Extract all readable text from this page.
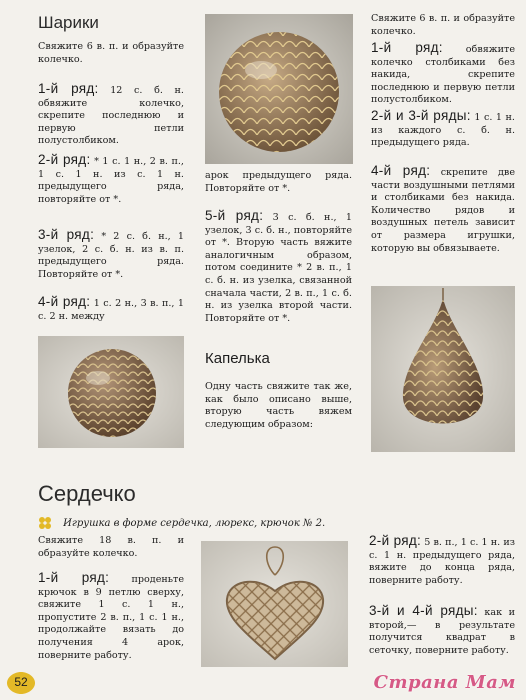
Шарики

Свяжите 6 в. п. и образуйте колечко.

1-й ряд: 12 с. б. н. обвяжите колечко, скрепите последнюю и первую петли полустолбиком.

2-й ряд: * 1 с. 1 н., 2 в. п., 1 с. 1 н. из с. 1 н. предыдущего ряда, повторяйте от *.

3-й ряд: * 2 с. б. н., 1 узелок, 2 с. б. н. из в. п. предыдущего ряда. Повторяйте от *.

4-й ряд: 1 с. 2 н., 3 в. п., 1 с. 2 н. между

арок предыдущего ряда. Повторяйте от *.

5-й ряд: 3 с. б. н., 1 узелок, 3 с. б. н., повторяйте от *. Вторую часть вяжите аналогичным образом, потом соедините * 2 в. п., 1 с. б. н. из узелка, связанной сначала части, 2 в. п., 1 с. б. н. из узелка второй части. Повторяйте от *.

Капелька

Одну часть свяжите так же, как было описано выше, вторую часть вяжем следующим образом:

Свяжите 6 в. п. и образуйте колечко.

1-й ряд: обвяжите колечко столбиками без накида, скрепите последнюю и первую петли полустолбиком.

2-й и 3-й ряды: 1 с. 1 н. из каждого с. б. н. предыдущего ряда.

4-й ряд: скрепите две части воздушными петлями и столбиками без накида. Количество рядов и воздушных петель зависит от размера игрушки, которую вы обвязываете.

Сердечко
Игрушка в форме сердечка, люрекс, крючок № 2.

Свяжите 18 в. п. и образуйте колечко.

1-й ряд: проденьте крючок в 9 петлю сверху, свяжите 1 с. 1 н., пропустите 2 в. п., 1 с. 1 н., продолжайте вязать до получения 4 арок, поверните работу.

2-й ряд: 5 в. п., 1 с. 1 н. из с. 1 н. предыдущего ряда, вяжите до конца ряда, поверните работу.

3-й и 4-й ряды: как и второй,— в результате получится квадрат в сеточку, поверните работу.

52	Страна Мам
